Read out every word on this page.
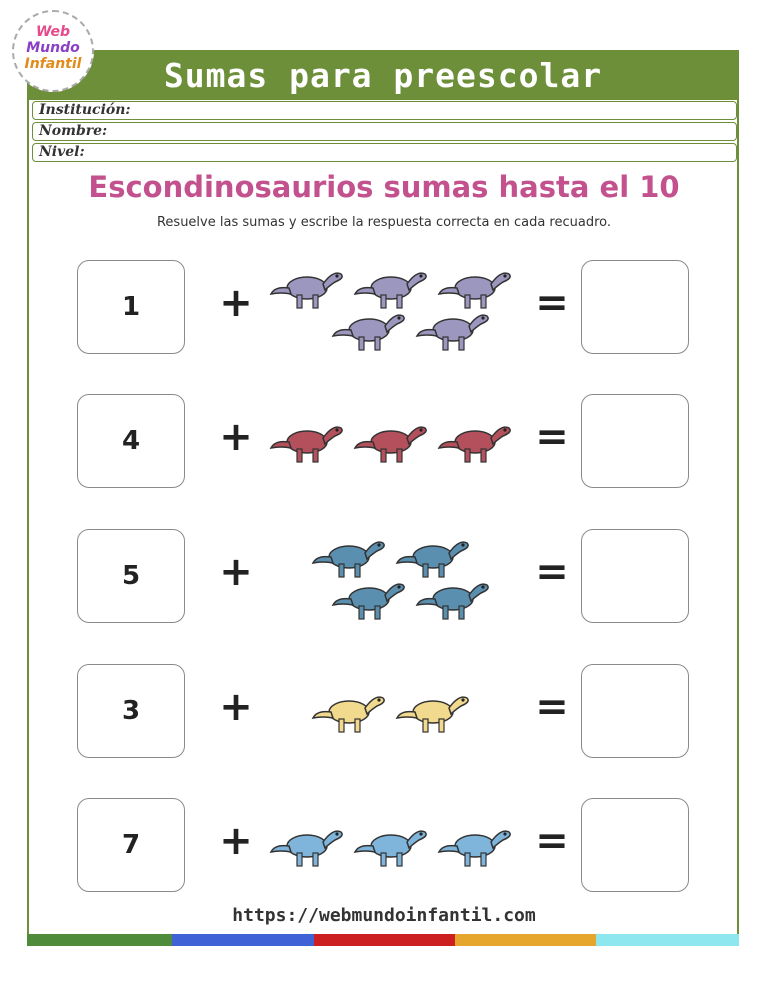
Sumas para preescolar
Web
Mundo
Infantil
Institución:
Nombre:
Nivel:
Escondinosaurios sumas hasta el 10
Resuelve las sumas y escribe la respuesta correcta en cada recuadro.
1	+	=
4	+	=
5	+	=
3	+	=
7	+	=
https://webmundoinfantil.com
